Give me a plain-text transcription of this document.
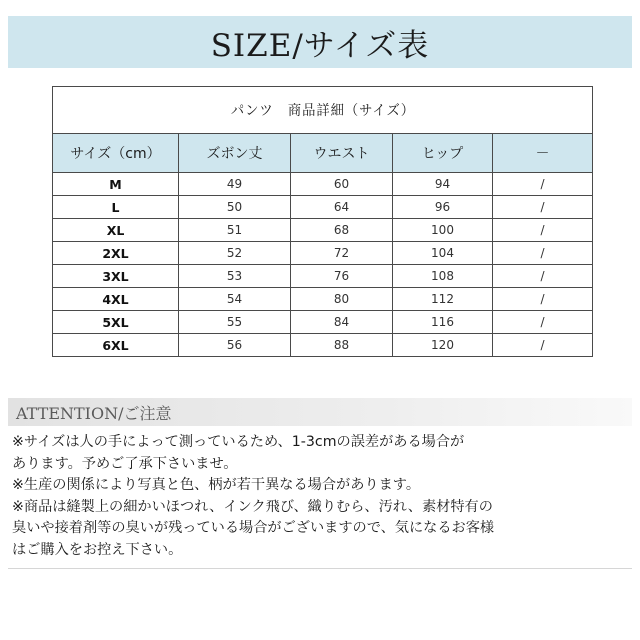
SIZE/サイズ表
パンツ　商品詳細（サイズ）				
サイズ（cm）	ズボン丈	ウエスト	ヒップ	－
M	49	60	94	/
L	50	64	96	/
XL	51	68	100	/
2XL	52	72	104	/
3XL	53	76	108	/
4XL	54	80	112	/
5XL	55	84	116	/
6XL	56	88	120	/
ATTENTION/ご注意
※サイズは人の手によって測っているため、1-3cmの誤差がある場合が
あります。予めご了承下さいませ。
※生産の関係により写真と色、柄が若干異なる場合があります。
※商品は縫製上の細かいほつれ、インク飛び、織りむら、汚れ、素材特有の
臭いや接着剤等の臭いが残っている場合がございますので、気になるお客様
はご購入をお控え下さい。
